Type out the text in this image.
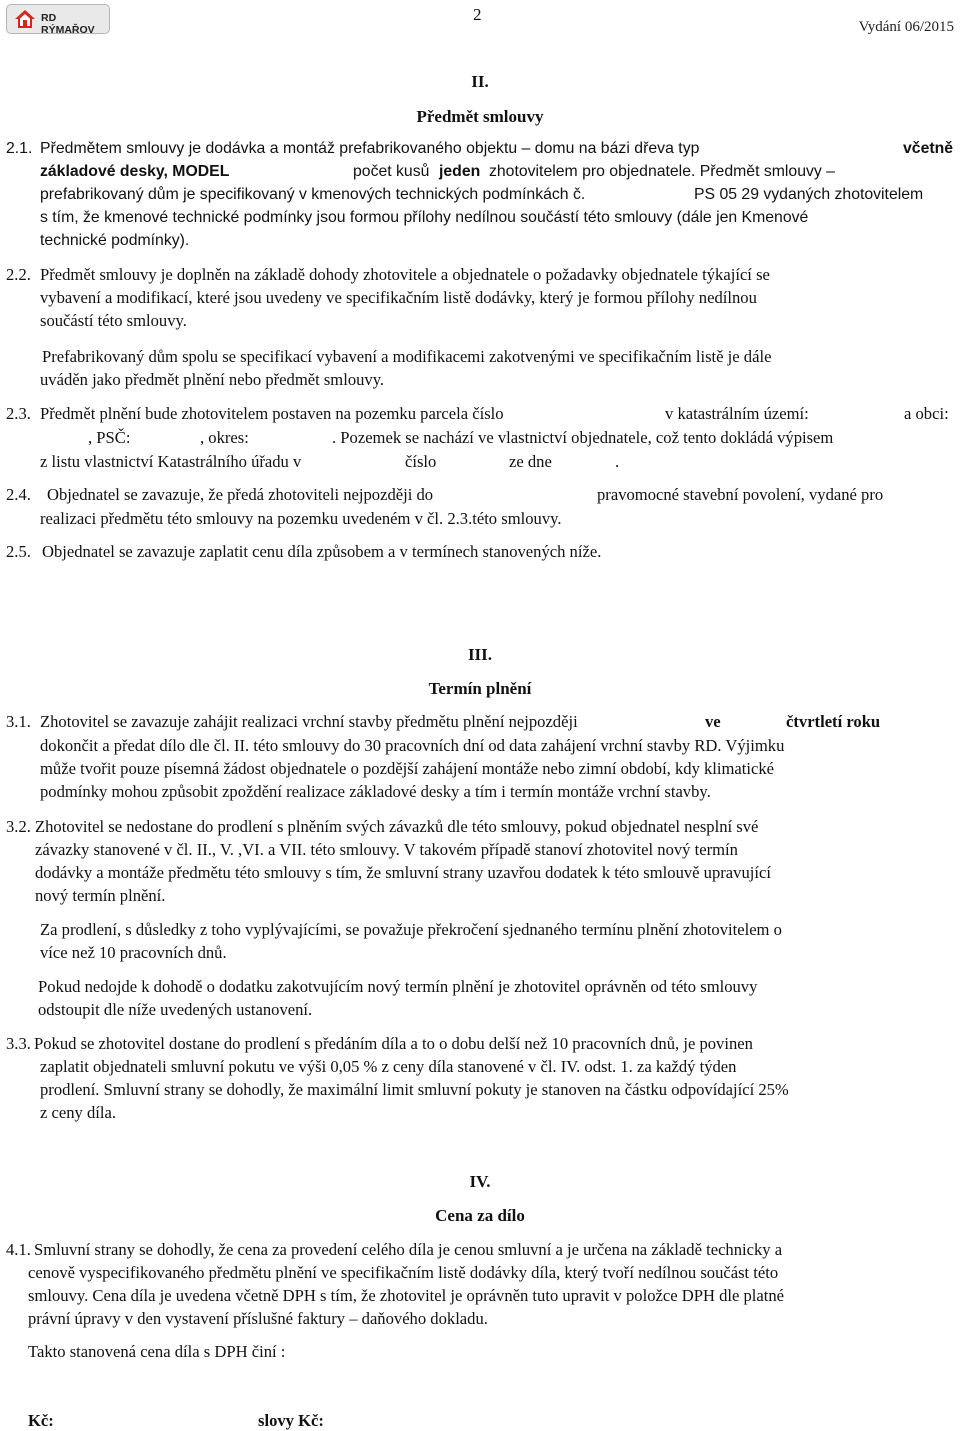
RD RÝMAŘOV
2
Vydání 06/2015
II.
Předmět smlouvy
2.1. Předmětem smlouvy je dodávka a montáž prefabrikovaného objektu – domu na bázi dřeva typ	včetně
základové desky, MODEL	počet kusů jeden zhotovitelem pro objednatele. Předmět smlouvy –
prefabrikovaný dům je specifikovaný v kmenových technických podmínkách č.	PS 05 29 vydaných zhotovitelem
s tím, že kmenové technické podmínky jsou formou přílohy nedílnou součástí této smlouvy (dále jen Kmenové
technické podmínky).
2.2. Předmět smlouvy je doplněn na základě dohody zhotovitele a objednatele o požadavky objednatele týkající se
vybavení a modifikací, které jsou uvedeny ve specifikačním listě dodávky, který je formou přílohy nedílnou
součástí této smlouvy.
Prefabrikovaný dům spolu se specifikací vybavení a modifikacemi zakotvenými ve specifikačním listě je dále
uváděn jako předmět plnění nebo předmět smlouvy.
2.3. Předmět plnění bude zhotovitelem postaven na pozemku parcela číslo	v katastrálním území:	a obci:
, PSČ:	, okres:	. Pozemek se nachází ve vlastnictví objednatele, což tento dokládá výpisem
z listu vlastnictví Katastrálního úřadu v	číslo	ze dne	.
2.4. Objednatel se zavazuje, že předá zhotoviteli nejpozději do	pravomocné stavební povolení, vydané pro
realizaci předmětu této smlouvy na pozemku uvedeném v čl. 2.3.této smlouvy.
2.5. Objednatel se zavazuje zaplatit cenu díla způsobem a v termínech stanovených níže.
III.
Termín plnění
3.1. Zhotovitel se zavazuje zahájit realizaci vrchní stavby předmětu plnění nejpozději	ve	čtvrtletí roku
dokončit a předat dílo dle čl. II. této smlouvy do 30 pracovních dní od data zahájení vrchní stavby RD. Výjimku
může tvořit pouze písemná žádost objednatele o pozdější zahájení montáže nebo zimní období, kdy klimatické
podmínky mohou způsobit zpoždění realizace základové desky a tím i termín montáže vrchní stavby.
3.2. Zhotovitel se nedostane do prodlení s plněním svých závazků dle této smlouvy, pokud objednatel nesplní své
závazky stanovené v čl. II., V. ,VI. a VII. této smlouvy. V takovém případě stanoví zhotovitel nový termín
dodávky a montáže předmětu této smlouvy s tím, že smluvní strany uzavřou dodatek k této smlouvě upravující
nový termín plnění.
Za prodlení, s důsledky z toho vyplývajícími, se považuje překročení sjednaného termínu plnění zhotovitelem o
více než 10 pracovních dnů.
Pokud nedojde k dohodě o dodatku zakotvujícím nový termín plnění je zhotovitel oprávněn od této smlouvy
odstoupit dle níže uvedených ustanovení.
3.3. Pokud se zhotovitel dostane do prodlení s předáním díla a to o dobu delší než 10 pracovních dnů, je povinen
zaplatit objednateli smluvní pokutu ve výši 0,05 % z ceny díla stanovené v čl. IV. odst. 1. za každý týden
prodlení. Smluvní strany se dohodly, že maximální limit smluvní pokuty je stanoven na částku odpovídající 25%
z ceny díla.
IV.
Cena za dílo
4.1. Smluvní strany se dohodly, že cena za provedení celého díla je cenou smluvní a je určena na základě technicky a
cenově vyspecifikovaného předmětu plnění ve specifikačním listě dodávky díla, který tvoří nedílnou součást této
smlouvy. Cena díla je uvedena včetně DPH s tím, že zhotovitel je oprávněn tuto upravit v položce DPH dle platné
právní úpravy v den vystavení příslušné faktury – daňového dokladu.
Takto stanovená cena díla s DPH činí :
Kč:	slovy Kč:
